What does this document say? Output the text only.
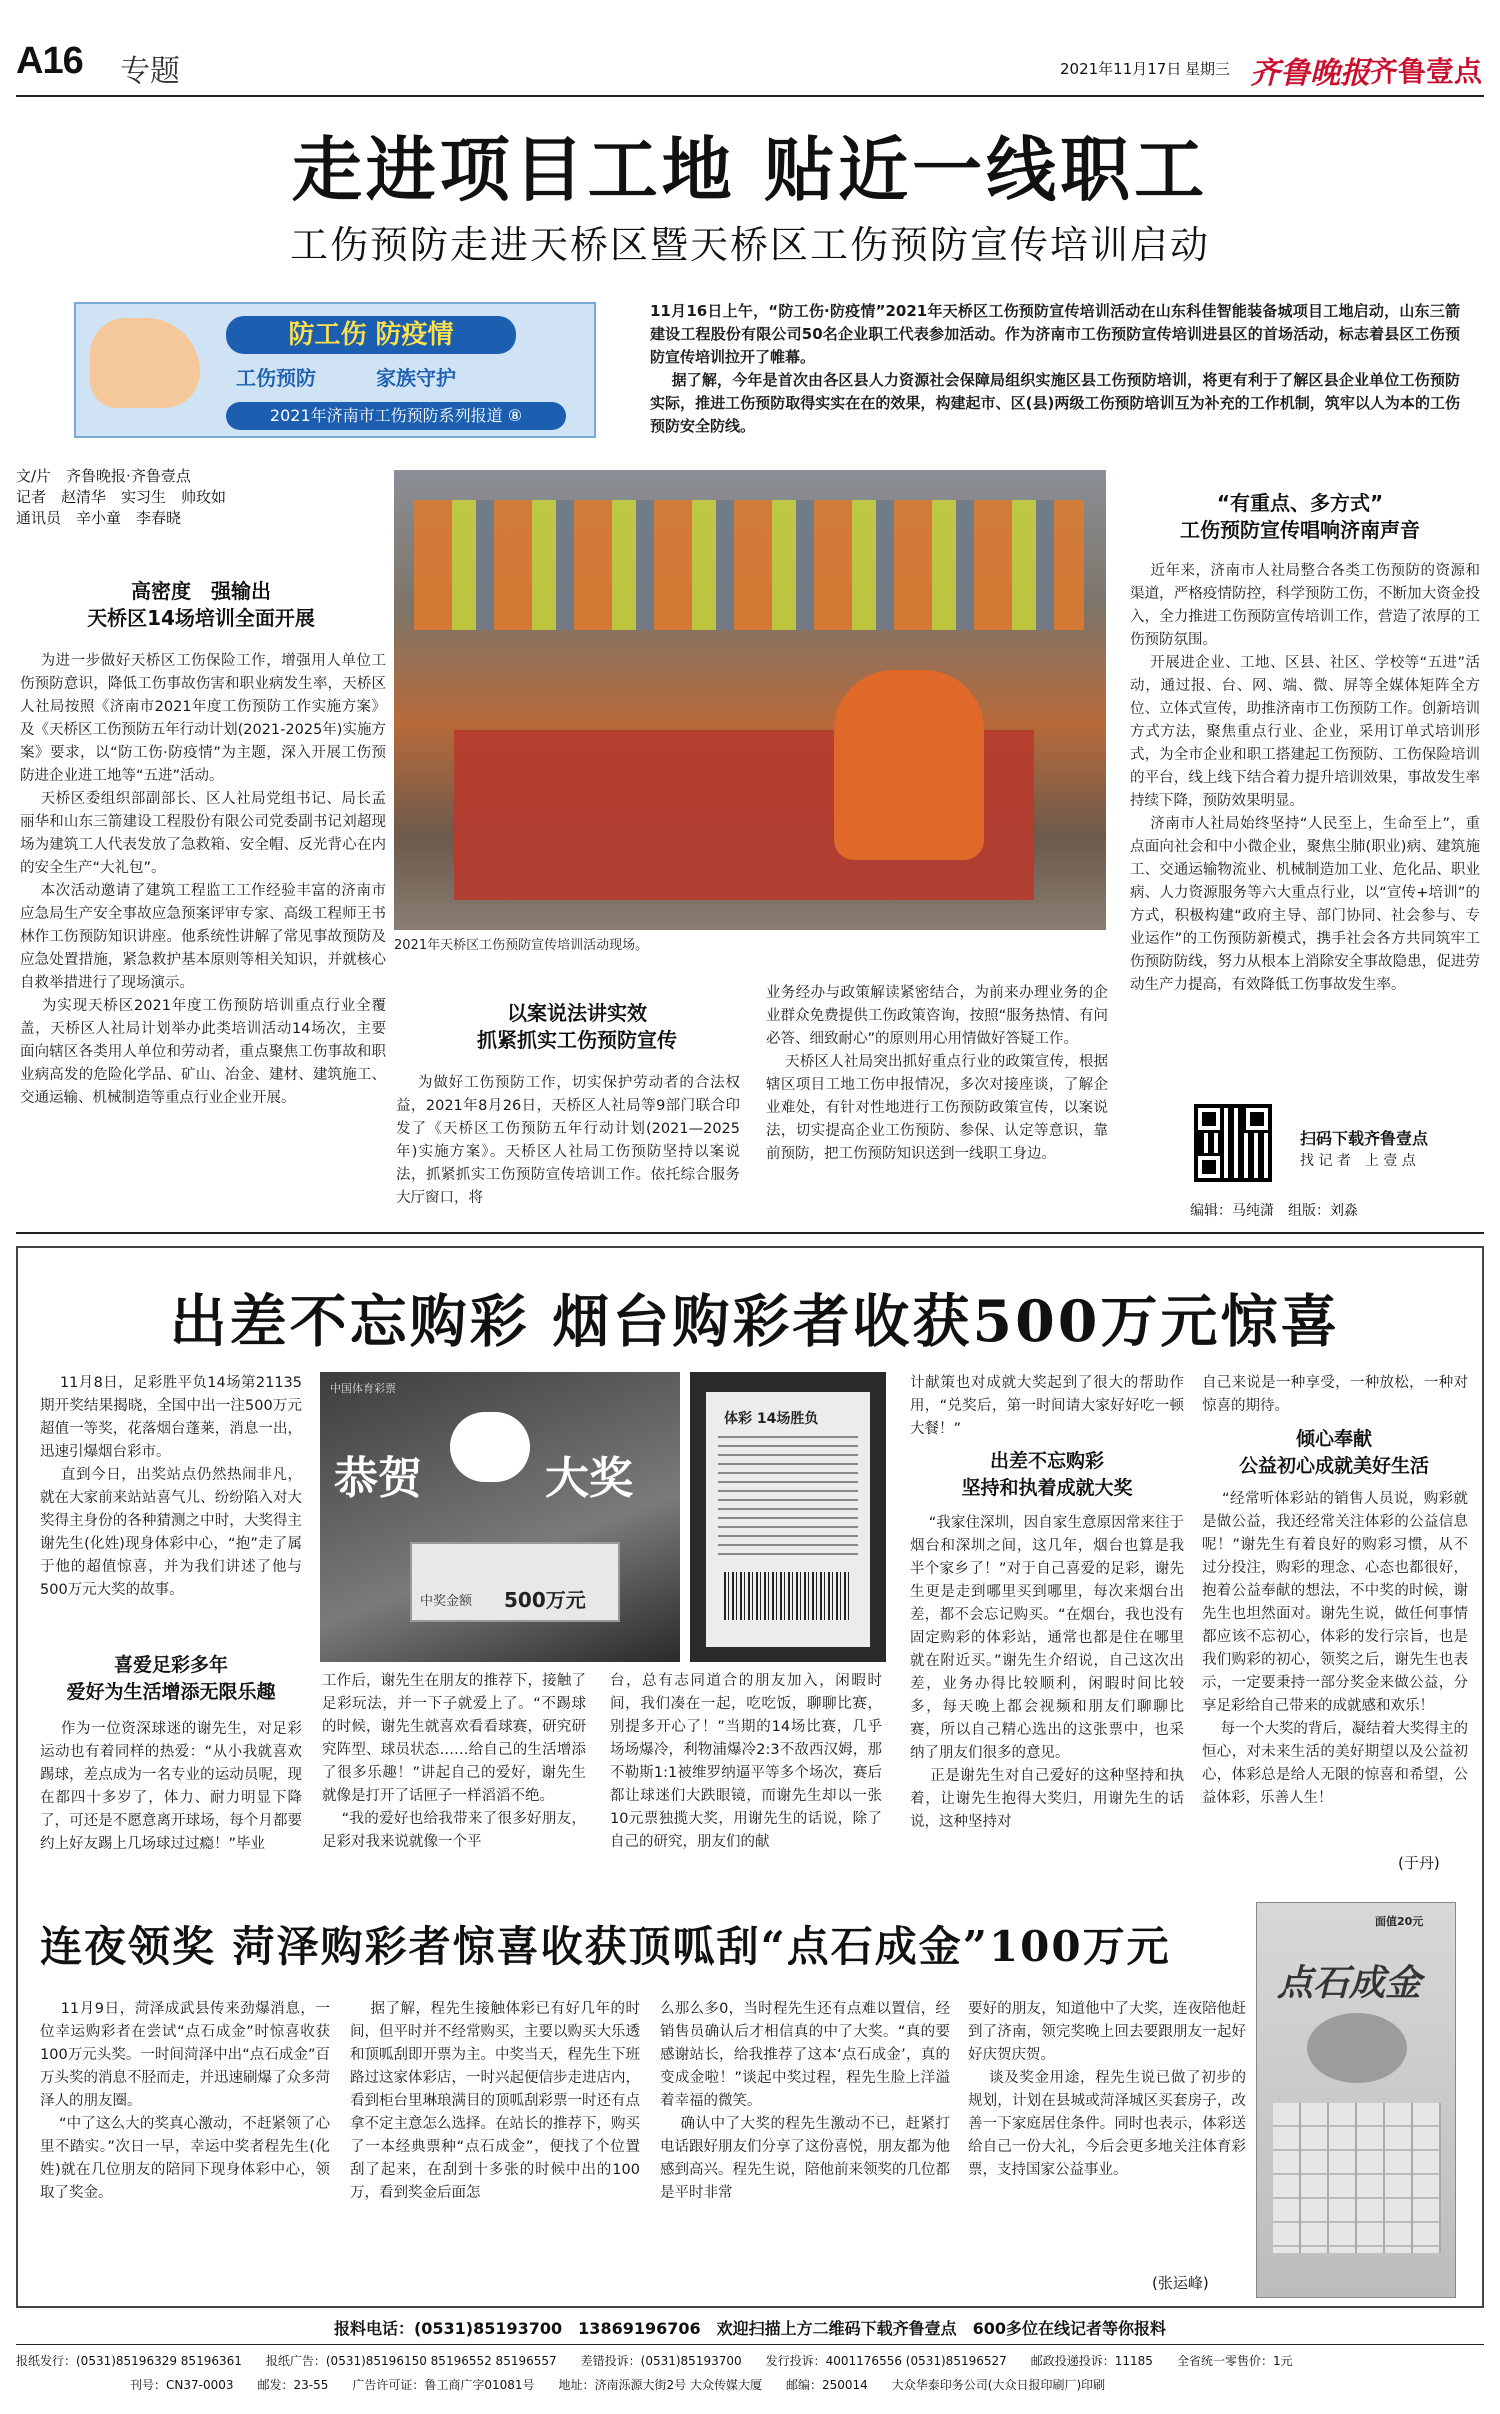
A16 专题	2021年11月17日 星期三 齐鲁晚报 齐鲁壹点
走进项目工地 贴近一线职工
工伤预防走进天桥区暨天桥区工伤预防宣传培训启动
防工伤 防疫情
工伤预防	家族守护
2021年济南市工伤预防系列报道 ⑧
11月16日上午，“防工伤·防疫情”2021年天桥区工伤预防宣传培训活动在山东科佳智能装备城项目工地启动，山东三箭建设工程股份有限公司50名企业职工代表参加活动。作为济南市工伤预防宣传培训进县区的首场活动，标志着县区工伤预防宣传培训拉开了帷幕。
据了解，今年是首次由各区县人力资源社会保障局组织实施区县工伤预防培训，将更有利于了解区县企业单位工伤预防实际，推进工伤预防取得实实在在的效果，构建起市、区(县)两级工伤预防培训互为补充的工作机制，筑牢以人为本的工伤预防安全防线。
文/片　齐鲁晚报·齐鲁壹点
记者　赵清华　实习生　帅玫如
通讯员　辛小童　李春晓
2021年天桥区工伤预防宣传培训活动现场。
高密度　强输出
天桥区14场培训全面开展
为进一步做好天桥区工伤保险工作，增强用人单位工伤预防意识，降低工伤事故伤害和职业病发生率，天桥区人社局按照《济南市2021年度工伤预防工作实施方案》及《天桥区工伤预防五年行动计划(2021-2025年)实施方案》要求，以“防工伤·防疫情”为主题，深入开展工伤预防进企业进工地等“五进”活动。
天桥区委组织部副部长、区人社局党组书记、局长孟丽华和山东三箭建设工程股份有限公司党委副书记刘超现场为建筑工人代表发放了急救箱、安全帽、反光背心在内的安全生产“大礼包”。
本次活动邀请了建筑工程监工工作经验丰富的济南市应急局生产安全事故应急预案评审专家、高级工程师王书林作工伤预防知识讲座。他系统性讲解了常见事故预防及应急处置措施，紧急救护基本原则等相关知识，并就核心自救举措进行了现场演示。
为实现天桥区2021年度工伤预防培训重点行业全覆盖，天桥区人社局计划举办此类培训活动14场次，主要面向辖区各类用人单位和劳动者，重点聚焦工伤事故和职业病高发的危险化学品、矿山、冶金、建材、建筑施工、交通运输、机械制造等重点行业企业开展。
以案说法讲实效
抓紧抓实工伤预防宣传
为做好工伤预防工作，切实保护劳动者的合法权益，2021年8月26日，天桥区人社局等9部门联合印发了《天桥区工伤预防五年行动计划(2021—2025年)实施方案》。天桥区人社局工伤预防坚持以案说法，抓紧抓实工伤预防宣传培训工作。依托综合服务大厅窗口，将
业务经办与政策解读紧密结合，为前来办理业务的企业群众免费提供工伤政策咨询，按照“服务热情、有问必答、细致耐心”的原则用心用情做好答疑工作。
天桥区人社局突出抓好重点行业的政策宣传，根据辖区项目工地工伤申报情况，多次对接座谈，了解企业难处，有针对性地进行工伤预防政策宣传，以案说法，切实提高企业工伤预防、参保、认定等意识，靠前预防，把工伤预防知识送到一线职工身边。
“有重点、多方式”
工伤预防宣传唱响济南声音
近年来，济南市人社局整合各类工伤预防的资源和渠道，严格疫情防控，科学预防工伤，不断加大资金投入，全力推进工伤预防宣传培训工作，营造了浓厚的工伤预防氛围。
开展进企业、工地、区县、社区、学校等“五进”活动，通过报、台、网、端、微、屏等全媒体矩阵全方位、立体式宣传，助推济南市工伤预防工作。创新培训方式方法，聚焦重点行业、企业，采用订单式培训形式，为全市企业和职工搭建起工伤预防、工伤保险培训的平台，线上线下结合着力提升培训效果，事故发生率持续下降，预防效果明显。
济南市人社局始终坚持“人民至上，生命至上”，重点面向社会和中小微企业，聚焦尘肺(职业)病、建筑施工、交通运输物流业、机械制造加工业、危化品、职业病、人力资源服务等六大重点行业，以“宣传+培训”的方式，积极构建“政府主导、部门协同、社会参与、专业运作”的工伤预防新模式，携手社会各方共同筑牢工伤预防防线，努力从根本上消除安全事故隐患，促进劳动生产力提高，有效降低工伤事故发生率。
扫码下载齐鲁壹点
找 记 者　上 壹 点
编辑：马纯潇　组版：刘淼
出差不忘购彩 烟台购彩者收获500万元惊喜
11月8日，足彩胜平负14场第21135期开奖结果揭晓，全国中出一注500万元超值一等奖，花落烟台蓬莱，消息一出，迅速引爆烟台彩市。
直到今日，出奖站点仍然热闹非凡，就在大家前来站站喜气儿、纷纷陷入对大奖得主身份的各种猜测之中时，大奖得主谢先生(化姓)现身体彩中心，“抱”走了属于他的超值惊喜，并为我们讲述了他与500万元大奖的故事。
喜爱足彩多年
爱好为生活增添无限乐趣
作为一位资深球迷的谢先生，对足彩运动也有着同样的热爱：“从小我就喜欢踢球，差点成为一名专业的运动员呢，现在都四十多岁了，体力、耐力明显下降了，可还是不愿意离开球场，每个月都要约上好友踢上几场球过过瘾！”毕业
中国体育彩票
恭贺	大奖
中奖金额 500万元
体彩 14场胜负
工作后，谢先生在朋友的推荐下，接触了足彩玩法，并一下子就爱上了。“不踢球的时候，谢先生就喜欢看看球赛，研究研究阵型、球员状态……给自己的生活增添了很多乐趣！”讲起自己的爱好，谢先生就像是打开了话匣子一样滔滔不绝。
“我的爱好也给我带来了很多好朋友，足彩对我来说就像一个平
台，总有志同道合的朋友加入，闲暇时间，我们凑在一起，吃吃饭，聊聊比赛，别提多开心了！”当期的14场比赛，几乎场场爆冷，利物浦爆冷2:3不敌西汉姆，那不勒斯1:1被维罗纳逼平等多个场次，赛后都让球迷们大跌眼镜，而谢先生却以一张10元票独揽大奖，用谢先生的话说，除了自己的研究，朋友们的献
计献策也对成就大奖起到了很大的帮助作用，“兑奖后，第一时间请大家好好吃一顿大餐！”
出差不忘购彩
坚持和执着成就大奖
“我家住深圳，因自家生意原因常来往于烟台和深圳之间，这几年，烟台也算是我半个家乡了！”对于自己喜爱的足彩，谢先生更是走到哪里买到哪里，每次来烟台出差，都不会忘记购买。“在烟台，我也没有固定购彩的体彩站，通常也都是住在哪里就在附近买。”谢先生介绍说，自己这次出差，业务办得比较顺利，闲暇时间比较多，每天晚上都会视频和朋友们聊聊比赛，所以自己精心选出的这张票中，也采纳了朋友们很多的意见。
正是谢先生对自己爱好的这种坚持和执着，让谢先生抱得大奖归，用谢先生的话说，这种坚持对
自己来说是一种享受，一种放松，一种对惊喜的期待。
倾心奉献
公益初心成就美好生活
“经常听体彩站的销售人员说，购彩就是做公益，我还经常关注体彩的公益信息呢！”谢先生有着良好的购彩习惯，从不过分投注，购彩的理念、心态也都很好，抱着公益奉献的想法，不中奖的时候，谢先生也坦然面对。谢先生说，做任何事情都应该不忘初心，体彩的发行宗旨，也是我们购彩的初心，领奖之后，谢先生也表示，一定要秉持一部分奖金来做公益，分享足彩给自己带来的成就感和欢乐！
每一个大奖的背后，凝结着大奖得主的恒心，对未来生活的美好期望以及公益初心，体彩总是给人无限的惊喜和希望，公益体彩，乐善人生！
(于丹)
连夜领奖 菏泽购彩者惊喜收获顶呱刮“点石成金”100万元
11月9日，菏泽成武县传来劲爆消息，一位幸运购彩者在尝试“点石成金”时惊喜收获100万元头奖。一时间菏泽中出“点石成金”百万头奖的消息不胫而走，并迅速刷爆了众多菏泽人的朋友圈。
“中了这么大的奖真心激动，不赶紧领了心里不踏实。”次日一早，幸运中奖者程先生(化姓)就在几位朋友的陪同下现身体彩中心，领取了奖金。
据了解，程先生接触体彩已有好几年的时间，但平时并不经常购买，主要以购买大乐透和顶呱刮即开票为主。中奖当天，程先生下班路过这家体彩店，一时兴起便信步走进店内，看到柜台里琳琅满目的顶呱刮彩票一时还有点拿不定主意怎么选择。在站长的推荐下，购买了一本经典票种“点石成金”，便找了个位置刮了起来，在刮到十多张的时候中出的100万，看到奖金后面怎
么那么多0，当时程先生还有点难以置信，经销售员确认后才相信真的中了大奖。“真的要感谢站长，给我推荐了这本‘点石成金’，真的变成金啦！”谈起中奖过程，程先生脸上洋溢着幸福的微笑。
确认中了大奖的程先生激动不已，赶紧打电话跟好朋友们分享了这份喜悦，朋友都为他感到高兴。程先生说，陪他前来领奖的几位都是平时非常
要好的朋友，知道他中了大奖，连夜陪他赶到了济南，领完奖晚上回去要跟朋友一起好好庆贺庆贺。
谈及奖金用途，程先生说已做了初步的规划，计划在县城或菏泽城区买套房子，改善一下家庭居住条件。同时也表示，体彩送给自己一份大礼，今后会更多地关注体育彩票，支持国家公益事业。
(张运峰)
面值20元
点石成金
报料电话：(0531)85193700　13869196706　欢迎扫描上方二维码下载齐鲁壹点　600多位在线记者等你报料
报纸发行：(0531)85196329 85196361　　报纸广告：(0531)85196150 85196552 85196557　　差错投诉：(0531)85193700　　发行投诉：4001176556 (0531)85196527　　邮政投递投诉：11185　　全省统一零售价：1元
刊号：CN37-0003　　邮发：23-55　　广告许可证：鲁工商广字01081号　　地址：济南泺源大街2号 大众传媒大厦　　邮编：250014　　大众华泰印务公司(大众日报印刷厂)印刷
